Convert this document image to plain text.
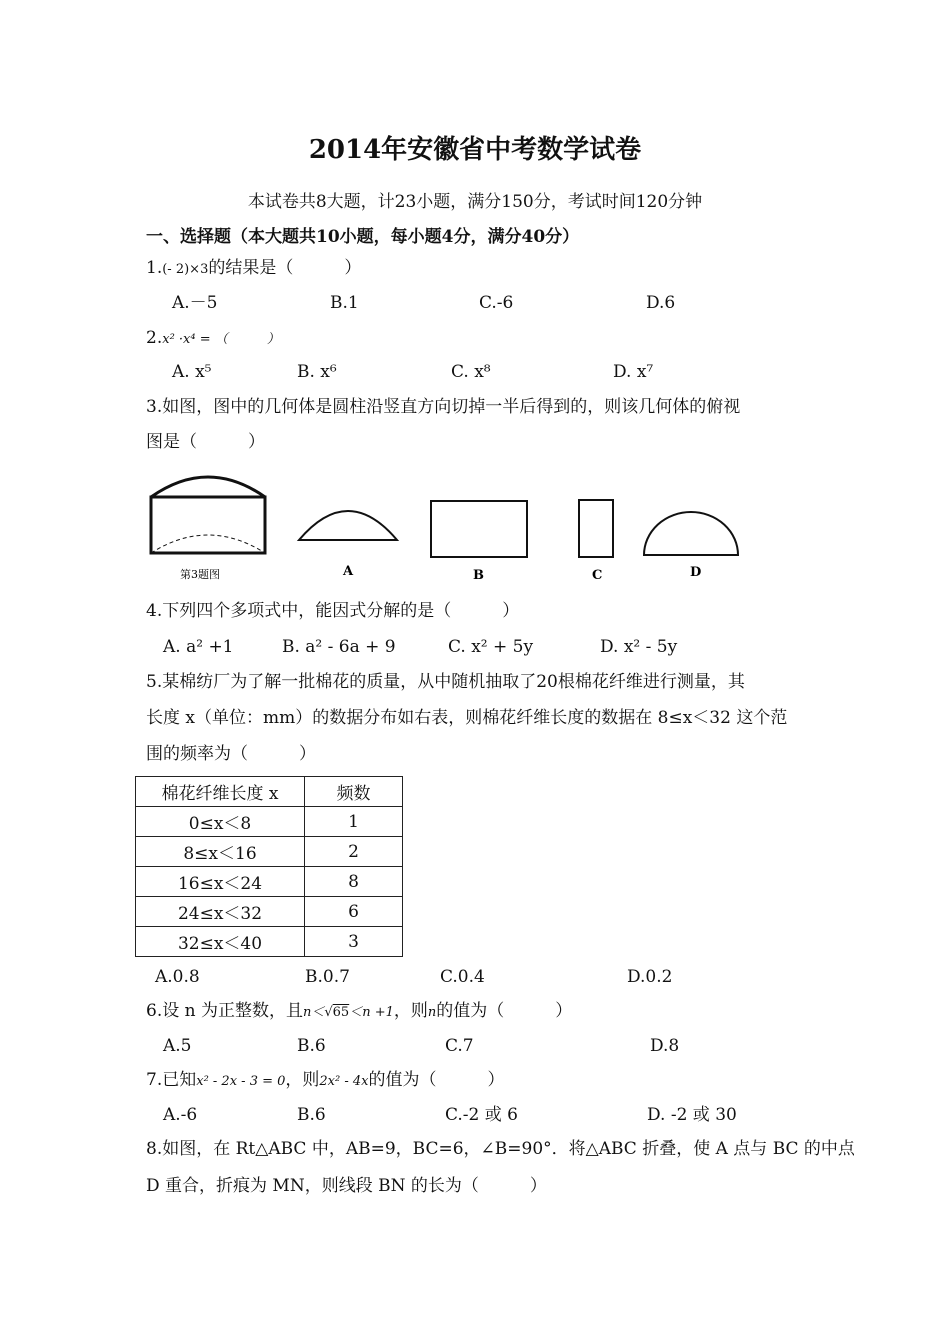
2014年安徽省中考数学试卷
本试卷共8大题，计23小题，满分150分，考试时间120分钟
一、选择题（本大题共10小题，每小题4分，满分40分）
1.(- 2)×3的结果是（　　　）
A.－5	B.1	C.-6	D.6
2.x² ·x⁴ = （　　　）
A. x⁵	B. x⁶	C. x⁸	D. x⁷
3.如图，图中的几何体是圆柱沿竖直方向切掉一半后得到的，则该几何体的俯视
图是（　　　）
第3题图	A	B	C	D
4.下列四个多项式中，能因式分解的是（　　　）
A. a² +1	B. a² - 6a + 9	C. x² + 5y	D. x² - 5y
5.某棉纺厂为了解一批棉花的质量，从中随机抽取了20根棉花纤维进行测量，其
长度 x（单位：mm）的数据分布如右表，则棉花纤维长度的数据在 8≤x＜32 这个范
围的频率为（　　　）
棉花纤维长度 x	频数
0≤x＜8	1
8≤x＜16	2
16≤x＜24	8
24≤x＜32	6
32≤x＜40	3
A.0.8	B.0.7	C.0.4	D.0.2
6.设 n 为正整数，且n＜√65＜n +1，则n的值为（　　　）
A.5	B.6	C.7	D.8
7.已知x² - 2x - 3 = 0，则2x² - 4x的值为（　　　）
A.-6	B.6	C.-2 或 6	D. -2 或 30
8.如图，在 Rt△ABC 中，AB=9，BC=6，∠B=90°．将△ABC 折叠，使 A 点与 BC 的中点
D 重合，折痕为 MN，则线段 BN 的长为（　　　）
